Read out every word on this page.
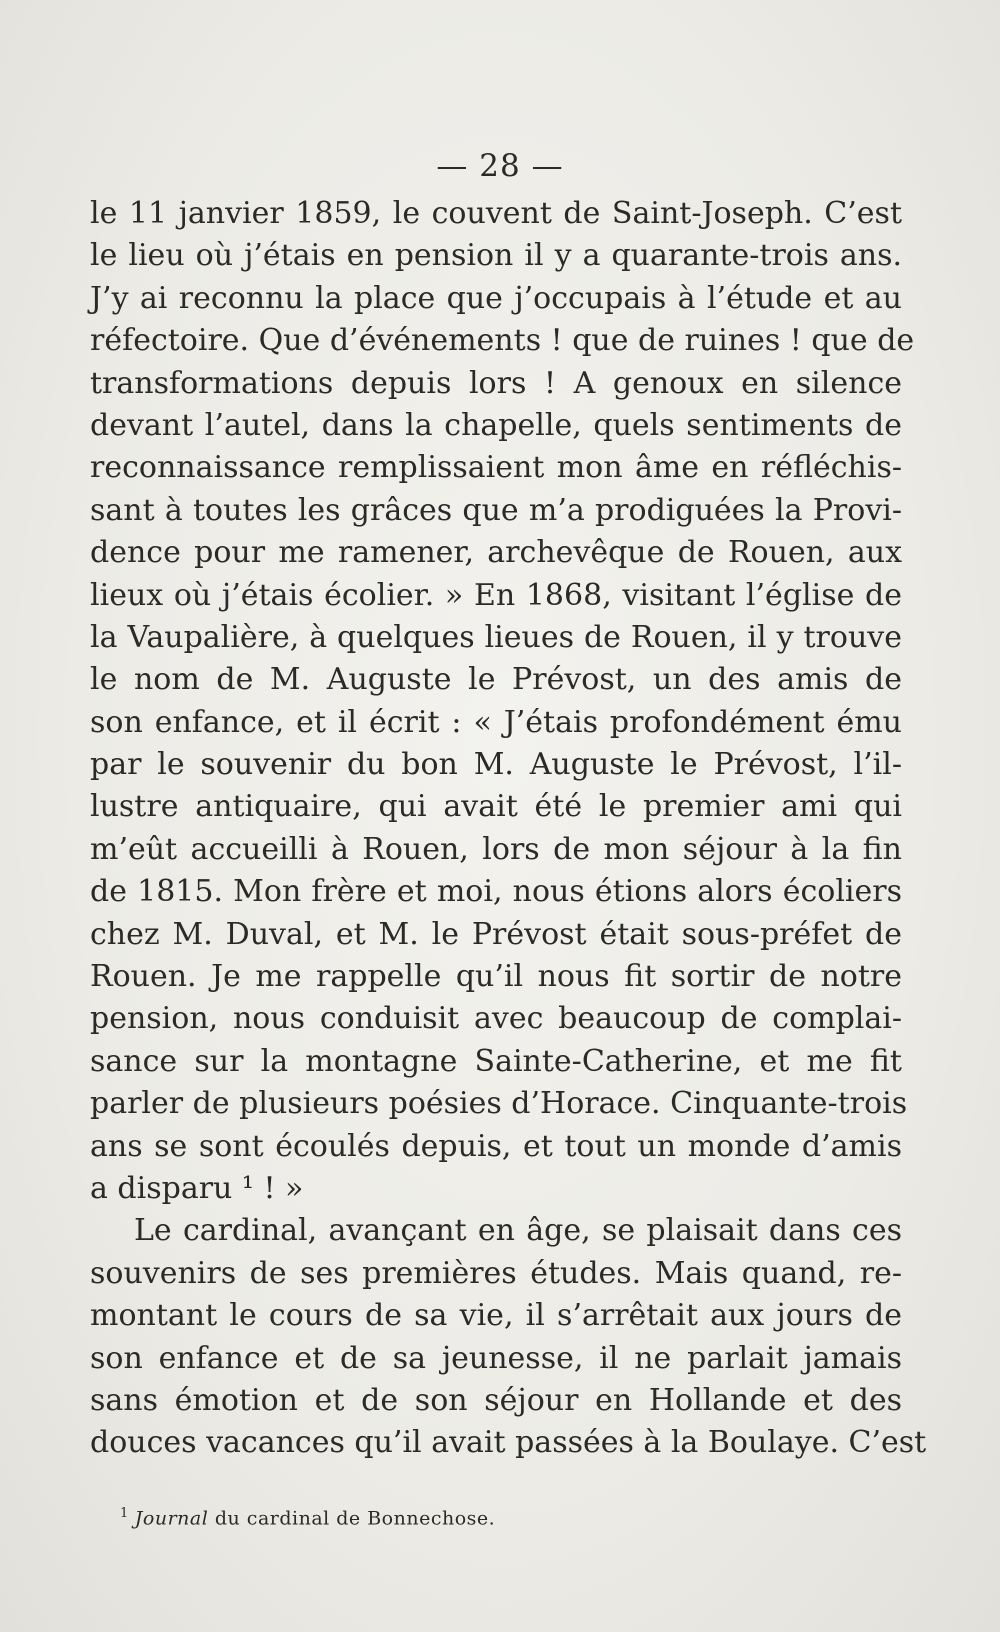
— 28 —
le 11 janvier 1859, le couvent de Saint-Joseph. C’est
le lieu où j’étais en pension il y a quarante-trois ans.
J’y ai reconnu la place que j’occupais à l’étude et au
réfectoire. Que d’événements ! que de ruines ! que de
transformations depuis lors ! A genoux en silence
devant l’autel, dans la chapelle, quels sentiments de
reconnaissance remplissaient mon âme en réfléchis-
sant à toutes les grâces que m’a prodiguées la Provi-
dence pour me ramener, archevêque de Rouen, aux
lieux où j’étais écolier. » En 1868, visitant l’église de
la Vaupalière, à quelques lieues de Rouen, il y trouve
le nom de M. Auguste le Prévost, un des amis de
son enfance, et il écrit : « J’étais profondément ému
par le souvenir du bon M. Auguste le Prévost, l’il-
lustre antiquaire, qui avait été le premier ami qui
m’eût accueilli à Rouen, lors de mon séjour à la fin
de 1815. Mon frère et moi, nous étions alors écoliers
chez M. Duval, et M. le Prévost était sous-préfet de
Rouen. Je me rappelle qu’il nous fit sortir de notre
pension, nous conduisit avec beaucoup de complai-
sance sur la montagne Sainte-Catherine, et me fit
parler de plusieurs poésies d’Horace. Cinquante-trois
ans se sont écoulés depuis, et tout un monde d’amis
a disparu ¹ ! »
Le cardinal, avançant en âge, se plaisait dans ces
souvenirs de ses premières études. Mais quand, re-
montant le cours de sa vie, il s’arrêtait aux jours de
son enfance et de sa jeunesse, il ne parlait jamais
sans émotion et de son séjour en Hollande et des
douces vacances qu’il avait passées à la Boulaye. C’est
$^1$ Journal du cardinal de Bonnechose.
